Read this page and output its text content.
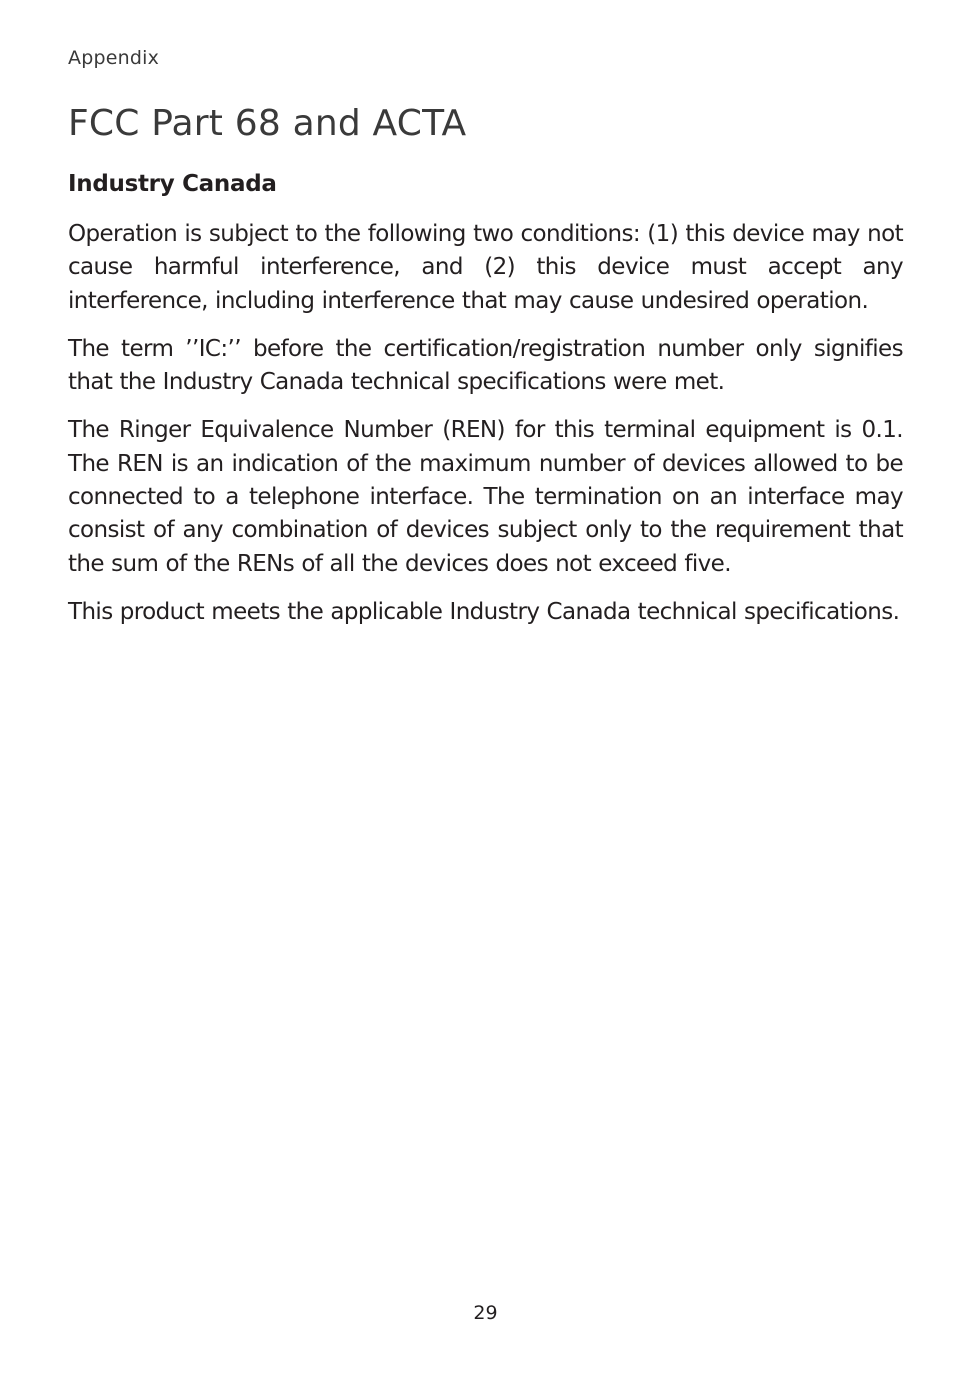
Appendix
FCC Part 68 and ACTA
Industry Canada

Operation is subject to the following two conditions: (1) this device may not cause harmful interference, and (2) this device must accept any interference, including interference that may cause undesired operation.

The term ’’IC:’’ before the certification/registration number only signifies that the Industry Canada technical specifications were met.

The Ringer Equivalence Number (REN) for this terminal equipment is 0.1. The REN is an indication of the maximum number of devices allowed to be connected to a telephone interface. The termination on an interface may consist of any combination of devices subject only to the requirement that the sum of the RENs of all the devices does not exceed five.

This product meets the applicable Industry Canada technical specifications.

29
